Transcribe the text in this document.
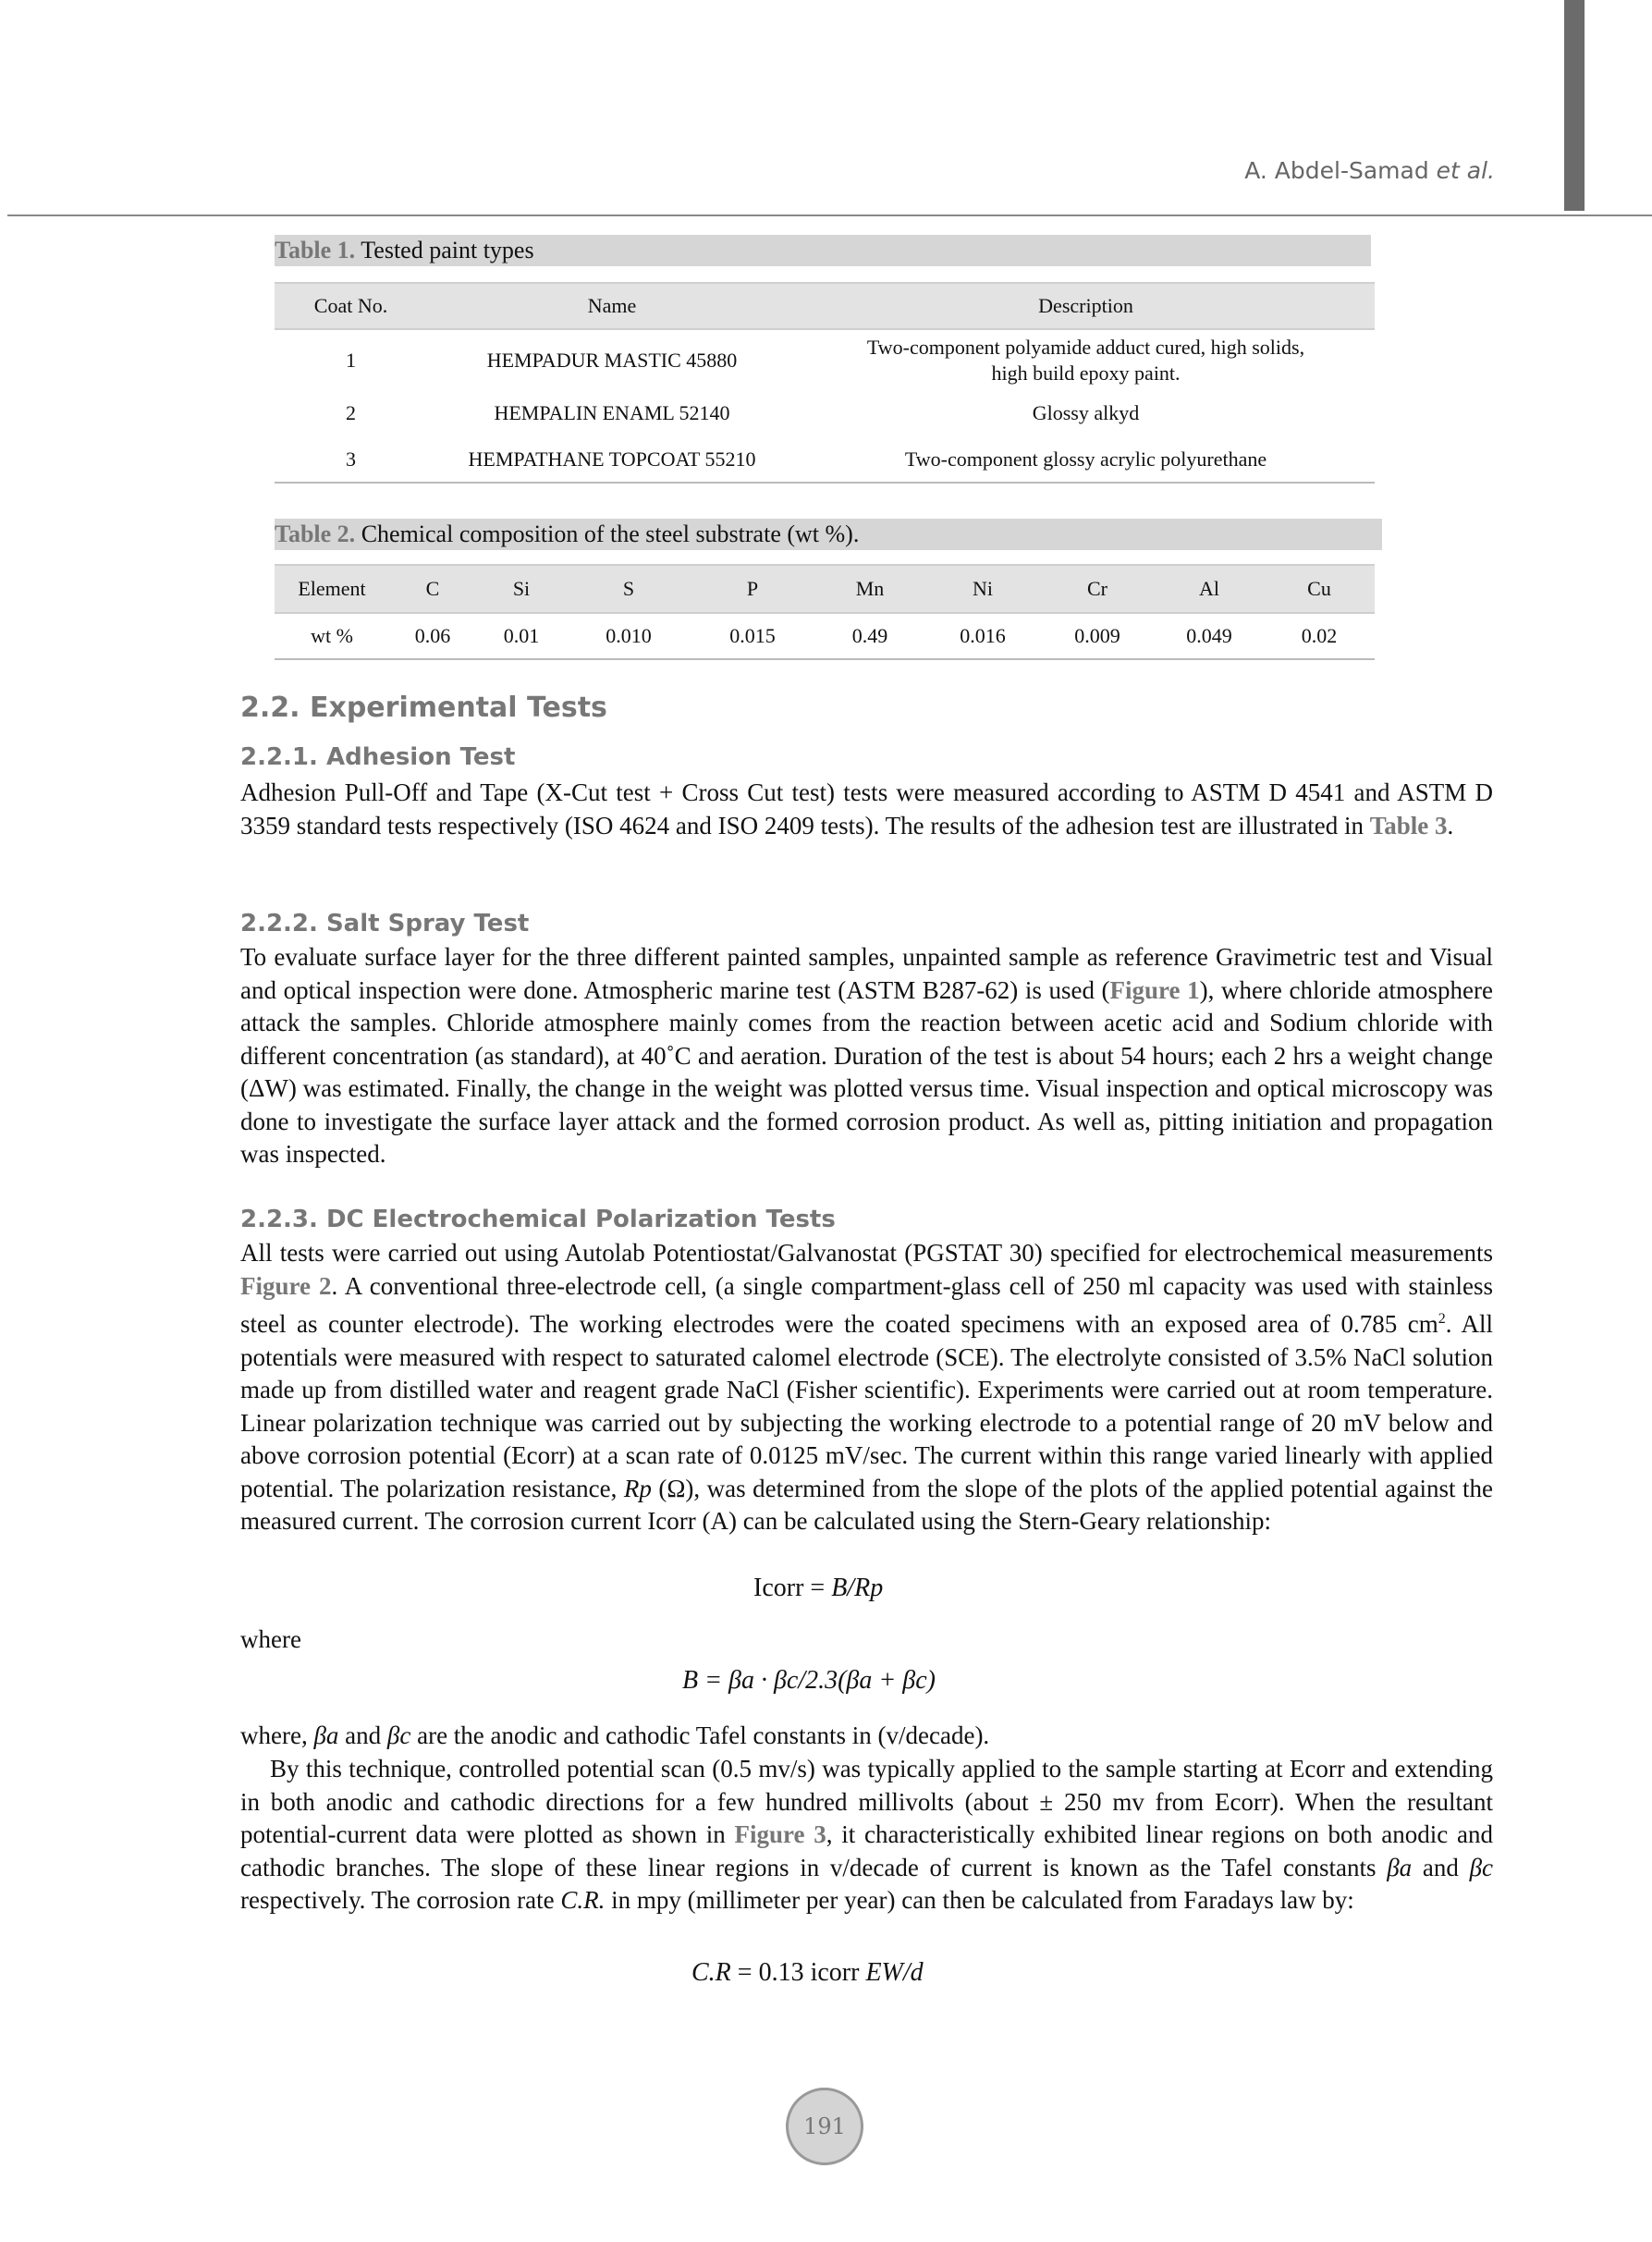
A. Abdel-Samad et al.
Table 1. Tested paint types
Coat No.	Name	Description
1	HEMPADUR MASTIC 45880	Two-component polyamide adduct cured, high solids,
high build epoxy paint.

2	HEMPALIN ENAML 52140	Glossy alkyd
3	HEMPATHANE TOPCOAT 55210	Two-component glossy acrylic polyurethane
Table 2. Chemical composition of the steel substrate (wt %).
Element	C	Si	S	P	Mn	Ni	Cr	Al	Cu
wt %	0.06	0.01	0.010	0.015	0.49	0.016	0.009	0.049	0.02
2.2. Experimental Tests
2.2.1. Adhesion Test
Adhesion Pull-Off and Tape (X-Cut test + Cross Cut test) tests were measured according to ASTM D 4541 and ASTM D 3359 standard tests respectively (ISO 4624 and ISO 2409 tests). The results of the adhesion test are illustrated in Table 3.
2.2.2. Salt Spray Test
To evaluate surface layer for the three different painted samples, unpainted sample as reference Gravimetric test and Visual and optical inspection were done. Atmospheric marine test (ASTM B287-62) is used (Figure 1), where chloride atmosphere attack the samples. Chloride atmosphere mainly comes from the reaction between acetic acid and Sodium chloride with different concentration (as standard), at 40˚C and aeration. Duration of the test is about 54 hours; each 2 hrs a weight change (ΔW) was estimated. Finally, the change in the weight was plotted versus time. Visual inspection and optical microscopy was done to investigate the surface layer attack and the formed corrosion product. As well as, pitting initiation and propagation was inspected.
2.2.3. DC Electrochemical Polarization Tests
All tests were carried out using Autolab Potentiostat/Galvanostat (PGSTAT 30) specified for electrochemical measurements Figure 2. A conventional three-electrode cell, (a single compartment-glass cell of 250 ml capacity was used with stainless steel as counter electrode). The working electrodes were the coated specimens with an exposed area of 0.785 $cm^2$. All potentials were measured with respect to saturated calomel electrode (SCE). The electrolyte consisted of 3.5% NaCl solution made up from distilled water and reagent grade NaCl (Fisher scientific). Experiments were carried out at room temperature. Linear polarization technique was carried out by subjecting the working electrode to a potential range of 20 mV below and above corrosion potential (Ecorr) at a scan rate of 0.0125 mV/sec. The current within this range varied linearly with applied potential. The polarization resistance, Rp (Ω), was determined from the slope of the plots of the applied potential against the measured current. The corrosion current Icorr (A) can be calculated using the Stern-Geary relationship:
Icorr = B/Rp
where
B = βa · βc/2.3(βa + βc)
where, βa and βc are the anodic and cathodic Tafel constants in (v/decade).
By this technique, controlled potential scan (0.5 mv/s) was typically applied to the sample starting at Ecorr and extending in both anodic and cathodic directions for a few hundred millivolts (about ± 250 mv from Ecorr). When the resultant potential-current data were plotted as shown in Figure 3, it characteristically exhibited linear regions on both anodic and cathodic branches. The slope of these linear regions in v/decade of current is known as the Tafel constants βa and βc respectively. The corrosion rate C.R. in mpy (millimeter per year) can then be calculated from Faradays law by:
C.R = 0.13 icorr EW/d
191
